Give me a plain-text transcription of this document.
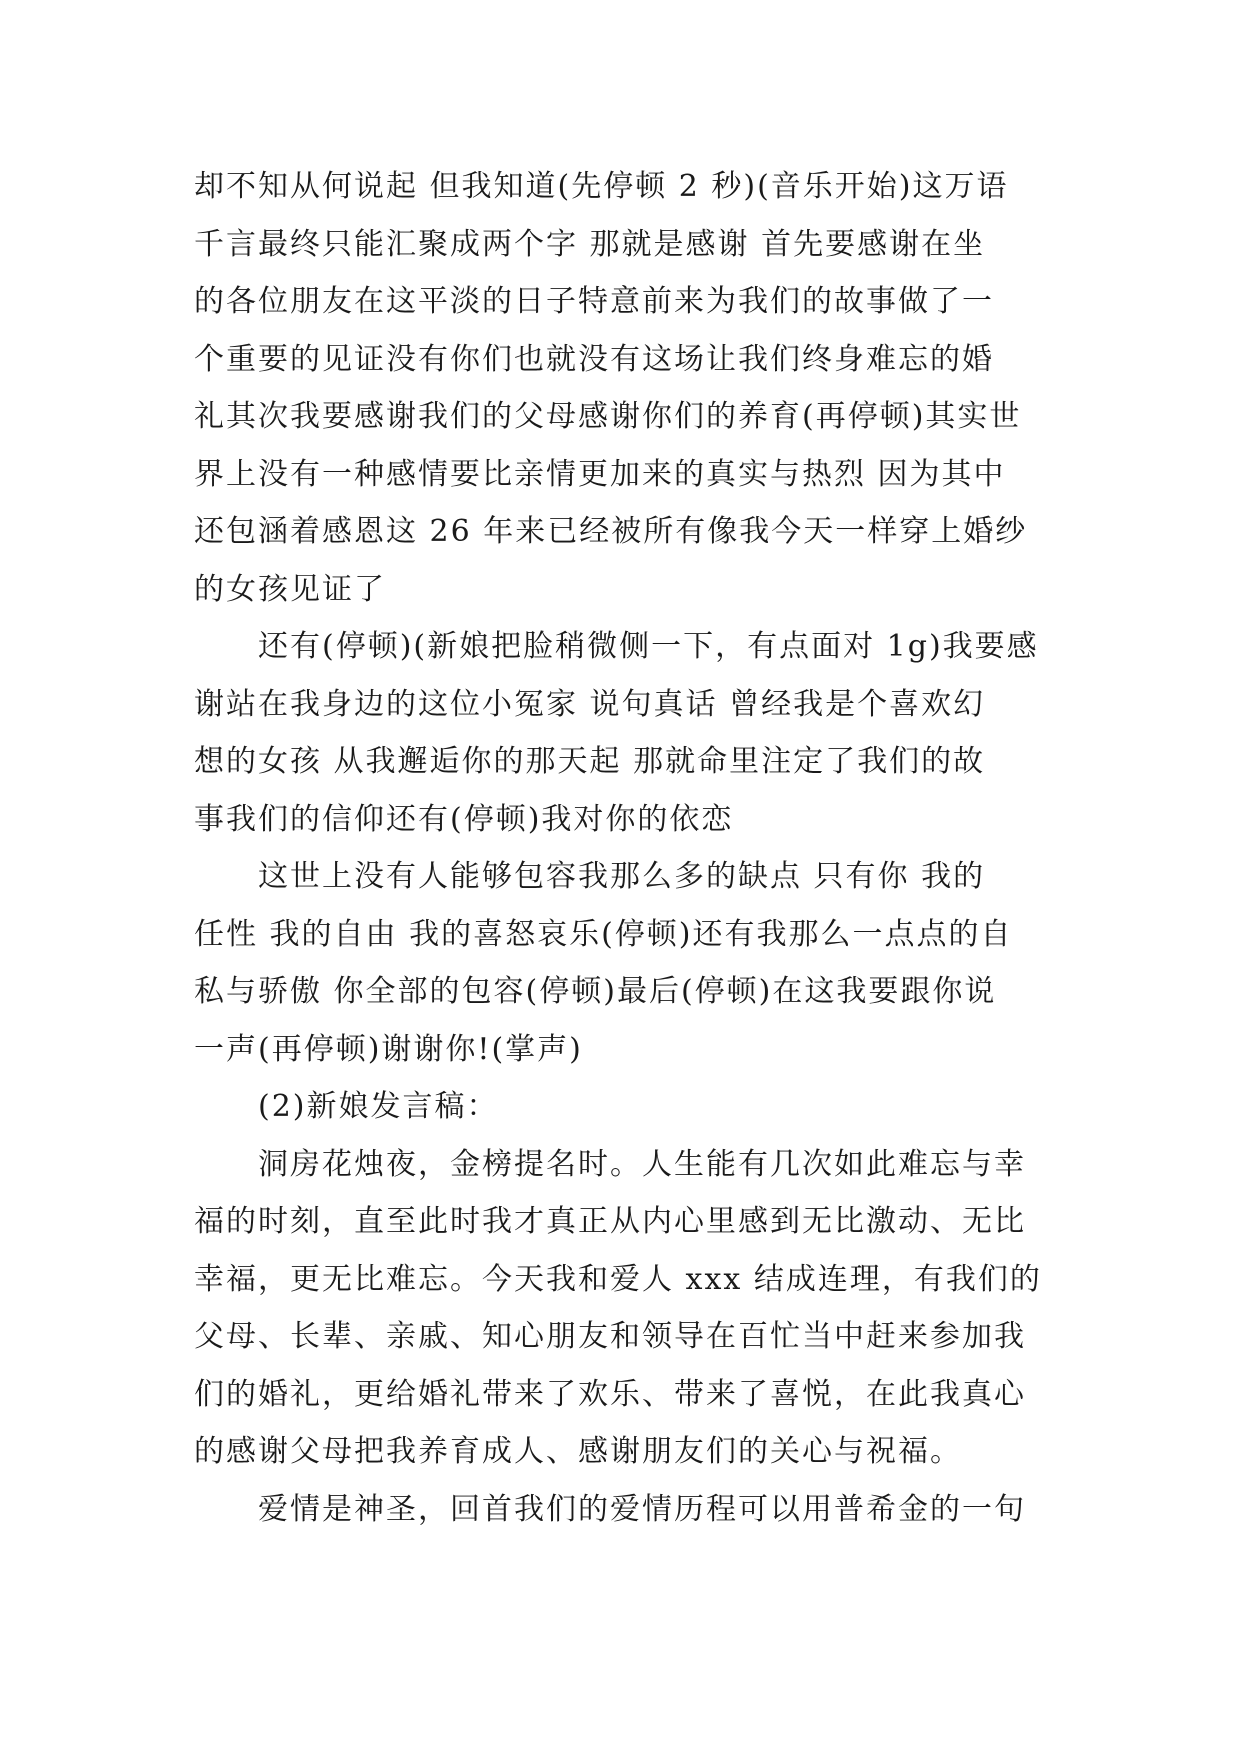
却不知从何说起 但我知道(先停顿 2 秒)(音乐开始)这万语
千言最终只能汇聚成两个字 那就是感谢 首先要感谢在坐
的各位朋友在这平淡的日子特意前来为我们的故事做了一
个重要的见证没有你们也就没有这场让我们终身难忘的婚
礼其次我要感谢我们的父母感谢你们的养育(再停顿)其实世
界上没有一种感情要比亲情更加来的真实与热烈 因为其中
还包涵着感恩这 26 年来已经被所有像我今天一样穿上婚纱
的女孩见证了
还有(停顿)(新娘把脸稍微侧一下，有点面对 1g)我要感
谢站在我身边的这位小冤家 说句真话 曾经我是个喜欢幻
想的女孩 从我邂逅你的那天起 那就命里注定了我们的故
事我们的信仰还有(停顿)我对你的依恋
这世上没有人能够包容我那么多的缺点 只有你 我的
任性 我的自由 我的喜怒哀乐(停顿)还有我那么一点点的自
私与骄傲 你全部的包容(停顿)最后(停顿)在这我要跟你说
一声(再停顿)谢谢你!(掌声)
(2)新娘发言稿：
洞房花烛夜，金榜提名时。人生能有几次如此难忘与幸
福的时刻，直至此时我才真正从内心里感到无比激动、无比
幸福，更无比难忘。今天我和爱人 xxx 结成连理，有我们的
父母、长辈、亲戚、知心朋友和领导在百忙当中赶来参加我
们的婚礼，更给婚礼带来了欢乐、带来了喜悦，在此我真心
的感谢父母把我养育成人、感谢朋友们的关心与祝福。
爱情是神圣，回首我们的爱情历程可以用普希金的一句
